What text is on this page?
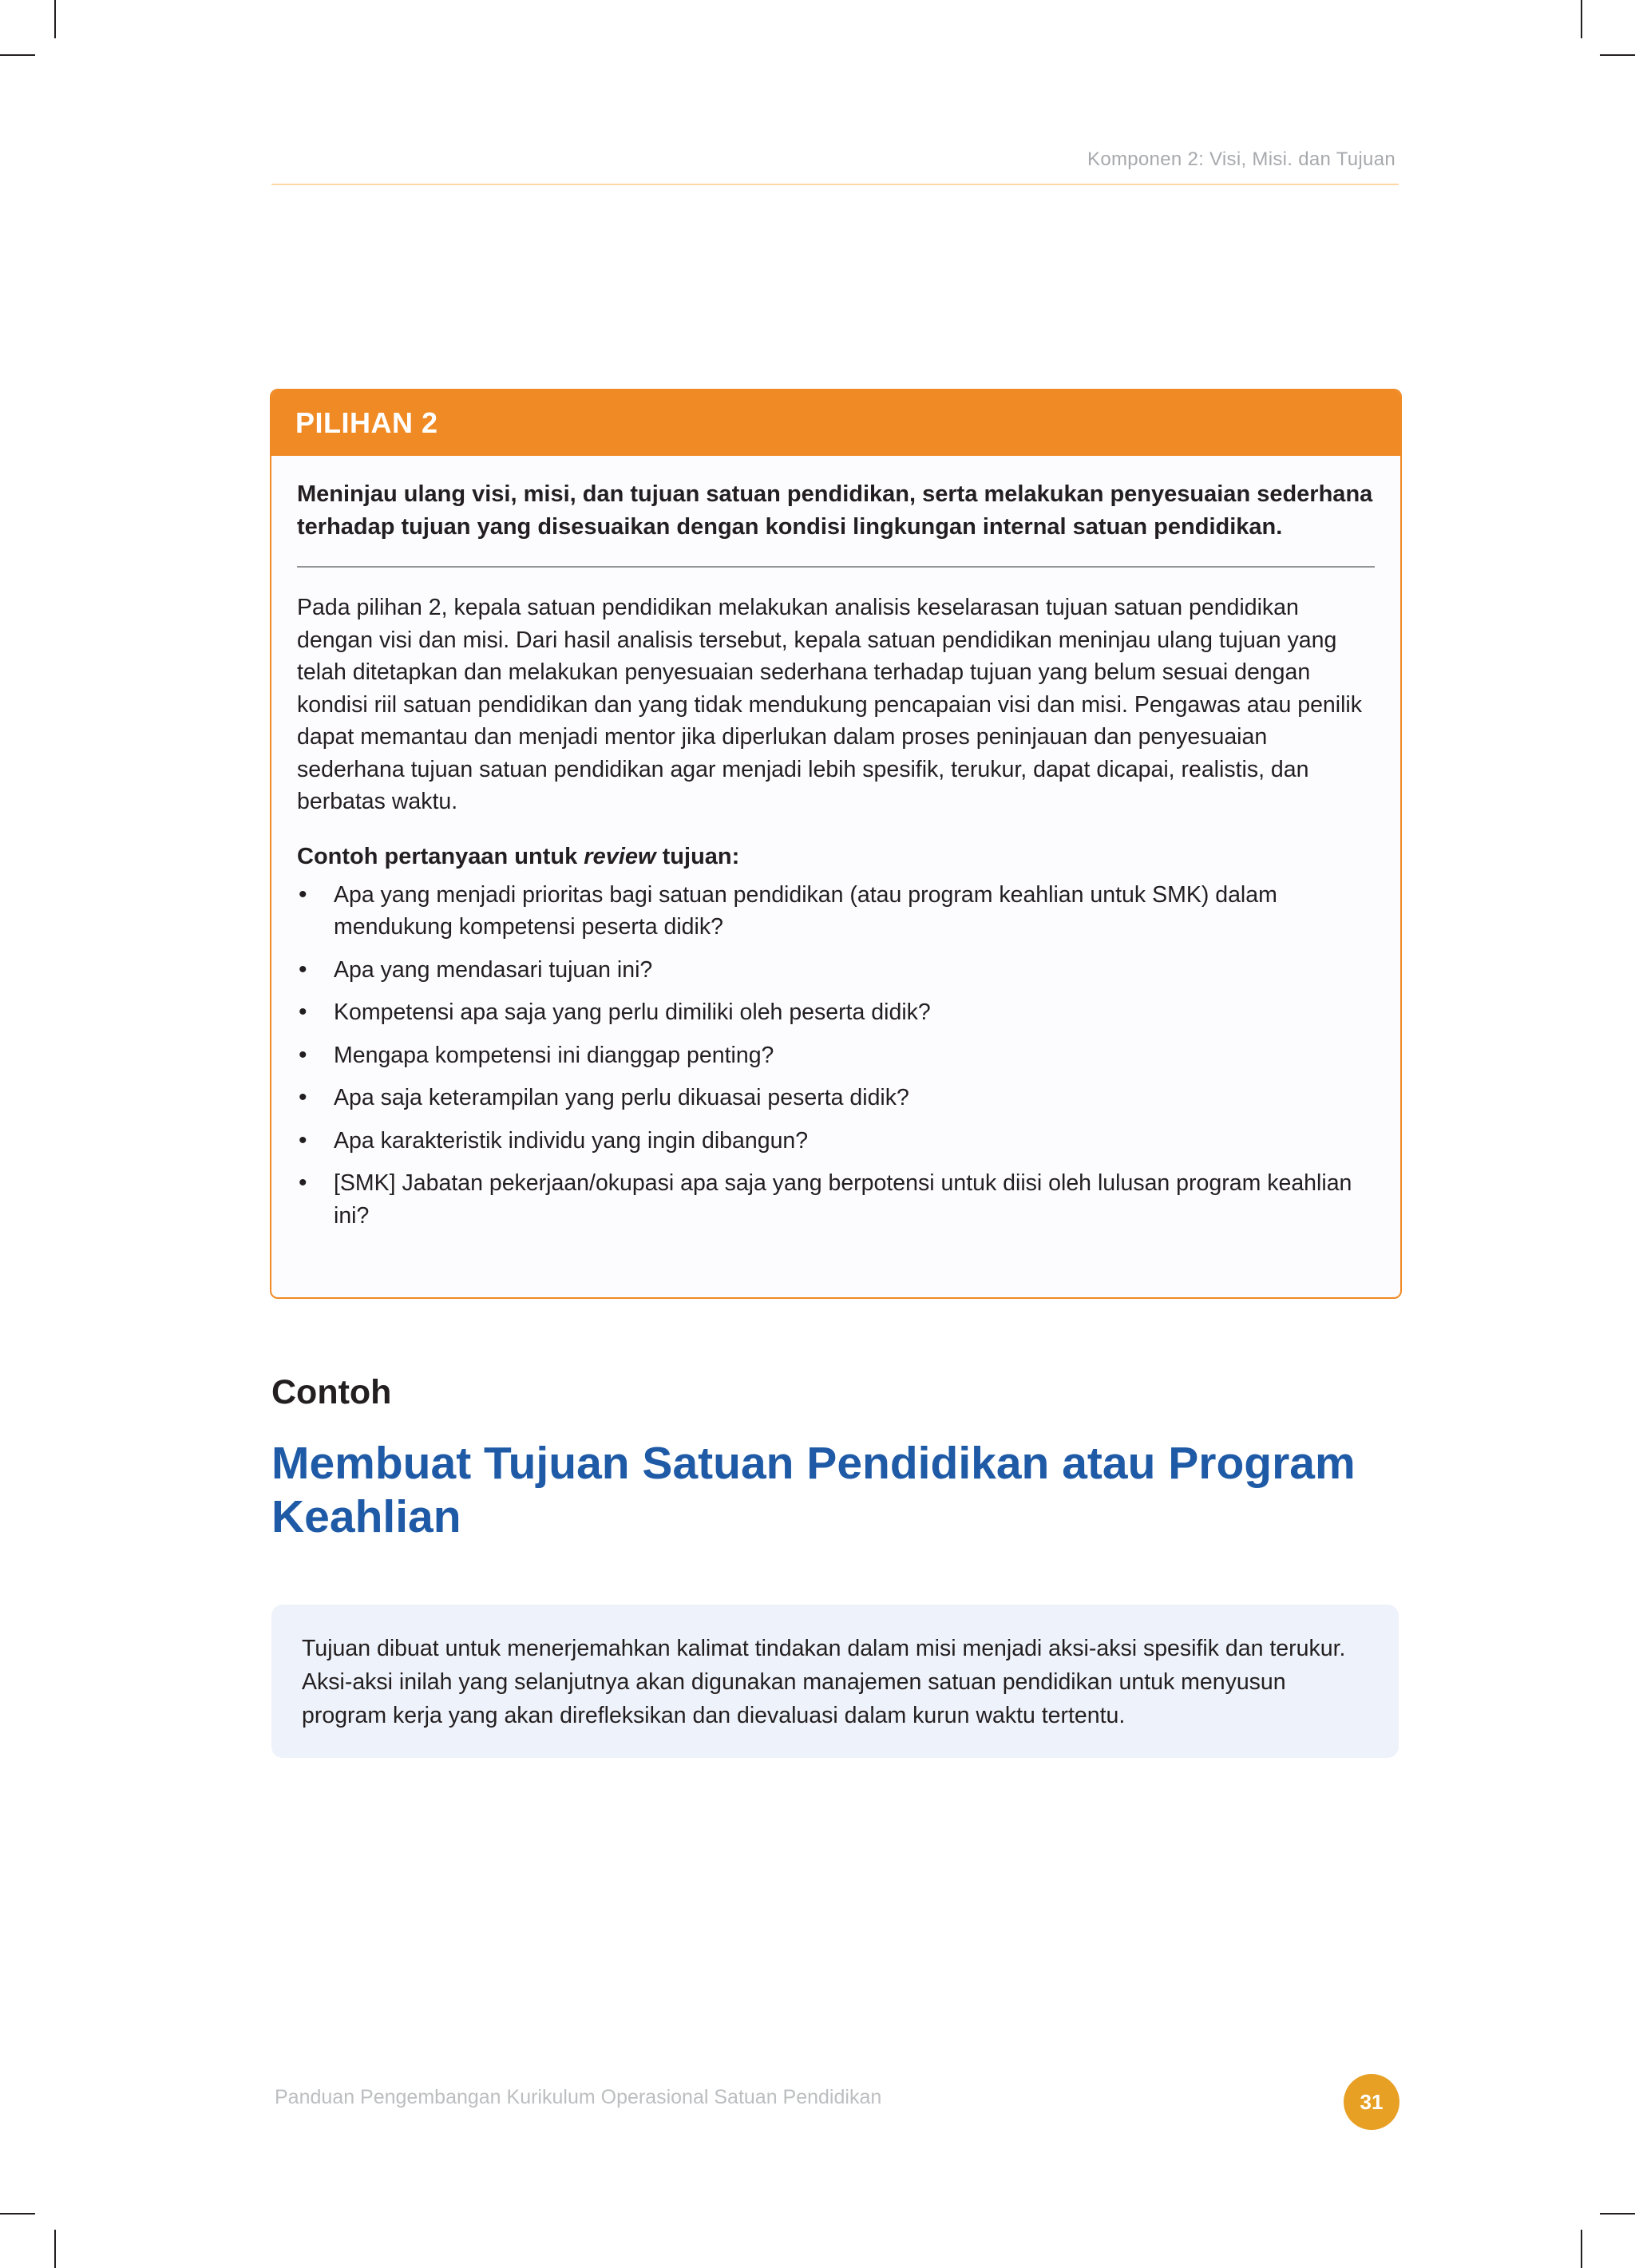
Komponen 2: Visi, Misi. dan Tujuan
PILIHAN 2

Meninjau ulang visi, misi, dan tujuan satuan pendidikan, serta melakukan penyesuaian sederhana terhadap tujuan yang disesuaikan dengan kondisi lingkungan internal satuan pendidikan.

Pada pilihan 2, kepala satuan pendidikan melakukan analisis keselarasan tujuan satuan pendidikan dengan visi dan misi. Dari hasil analisis tersebut, kepala satuan pendidikan meninjau ulang tujuan yang telah ditetapkan dan melakukan penyesuaian sederhana terhadap tujuan yang belum sesuai dengan kondisi riil satuan pendidikan dan yang tidak mendukung pencapaian visi dan misi. Pengawas atau penilik dapat memantau dan menjadi mentor jika diperlukan dalam proses peninjauan dan penyesuaian sederhana tujuan satuan pendidikan agar menjadi lebih spesifik, terukur, dapat dicapai, realistis, dan berbatas waktu.

Contoh pertanyaan untuk review tujuan:

• Apa yang menjadi prioritas bagi satuan pendidikan (atau program keahlian untuk SMK) dalam mendukung kompetensi peserta didik?
• Apa yang mendasari tujuan ini?
• Kompetensi apa saja yang perlu dimiliki oleh peserta didik?
• Mengapa kompetensi ini dianggap penting?
• Apa saja keterampilan yang perlu dikuasai peserta didik?
• Apa karakteristik individu yang ingin dibangun?
• [SMK] Jabatan pekerjaan/okupasi apa saja yang berpotensi untuk diisi oleh lulusan program keahlian ini?
Contoh
Membuat Tujuan Satuan Pendidikan atau Program Keahlian

Tujuan dibuat untuk menerjemahkan kalimat tindakan dalam misi menjadi aksi-aksi spesifik dan terukur. Aksi-aksi inilah yang selanjutnya akan digunakan manajemen satuan pendidikan untuk menyusun program kerja yang akan direfleksikan dan dievaluasi dalam kurun waktu tertentu.

Panduan Pengembangan Kurikulum Operasional Satuan Pendidikan	31
